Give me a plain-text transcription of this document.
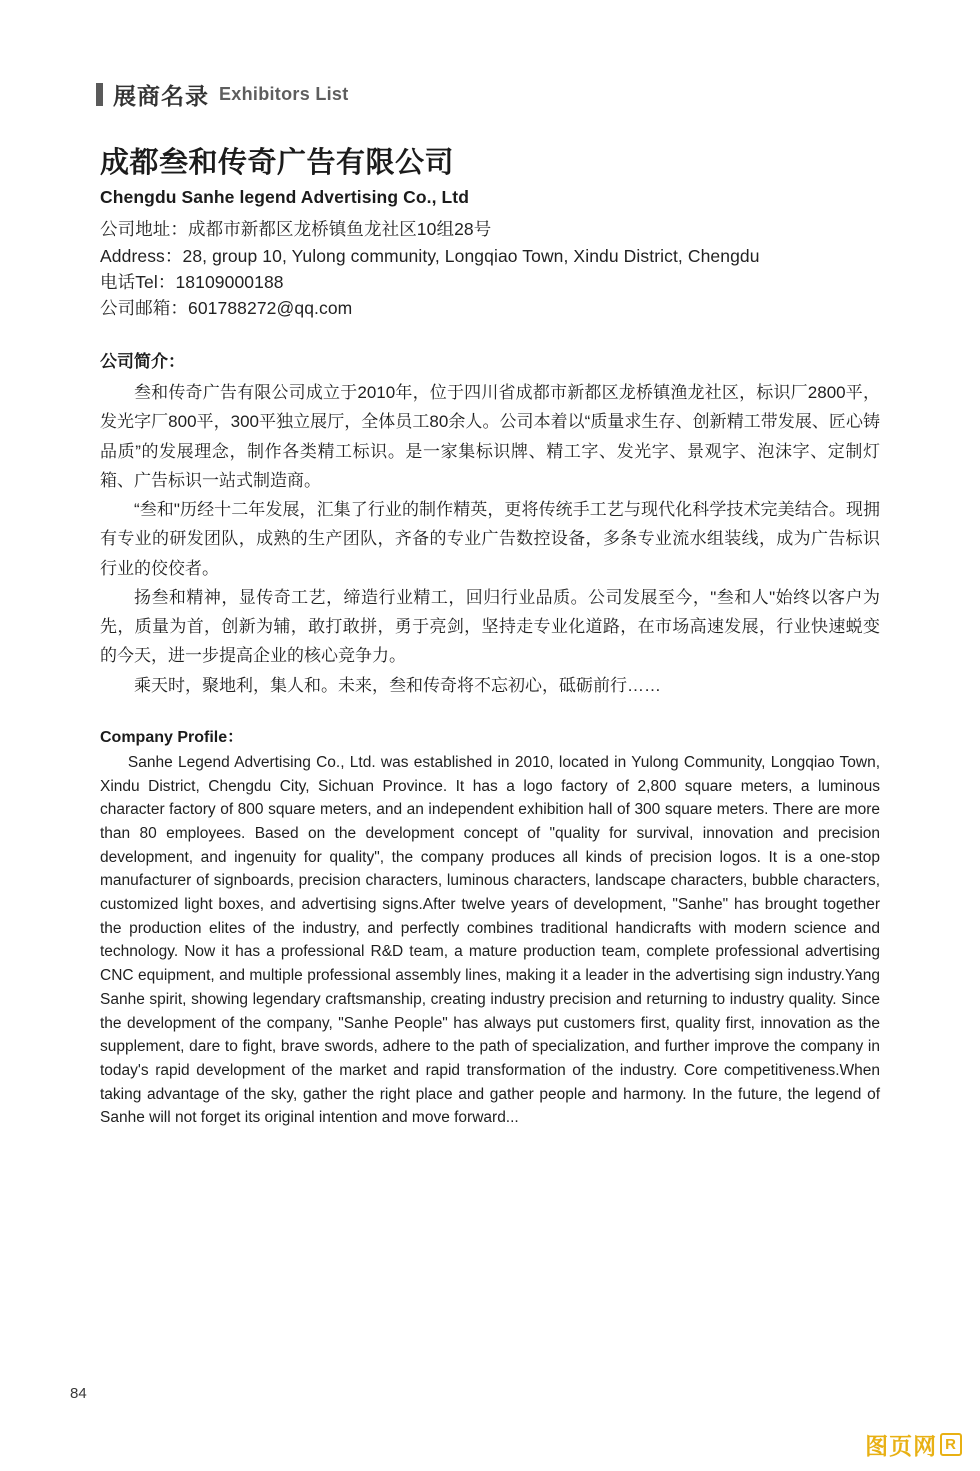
展商名录 Exhibitors List
成都叁和传奇广告有限公司
Chengdu Sanhe legend Advertising Co., Ltd

公司地址：成都市新都区龙桥镇鱼龙社区10组28号

Address：28, group 10, Yulong community, Longqiao Town, Xindu District, Chengdu

电话Tel：18109000188

公司邮箱：601788272@qq.com

公司简介：

叁和传奇广告有限公司成立于2010年，位于四川省成都市新都区龙桥镇渔龙社区，标识厂2800平，发光字厂800平，300平独立展厅，全体员工80余人。公司本着以“质量求生存、创新精工带发展、匠心铸品质”的发展理念，制作各类精工标识。是一家集标识牌、精工字、发光字、景观字、泡沫字、定制灯箱、广告标识一站式制造商。

“叁和"历经十二年发展，汇集了行业的制作精英，更将传统手工艺与现代化科学技术完美结合。现拥有专业的研发团队，成熟的生产团队，齐备的专业广告数控设备，多条专业流水组装线，成为广告标识行业的佼佼者。

扬叁和精神，显传奇工艺，缔造行业精工，回归行业品质。公司发展至今，"叁和人"始终以客户为先，质量为首，创新为辅，敢打敢拼，勇于亮剑，坚持走专业化道路，在市场高速发展，行业快速蜕变的今天，进一步提高企业的核心竞争力。

乘天时，聚地利，集人和。未来，叁和传奇将不忘初心，砥砺前行……

Company Profile：

Sanhe Legend Advertising Co., Ltd. was established in 2010, located in Yulong Community, Longqiao Town, Xindu District, Chengdu City, Sichuan Province. It has a logo factory of 2,800 square meters, a luminous character factory of 800 square meters, and an independent exhibition hall of 300 square meters. There are more than 80 employees. Based on the development concept of "quality for survival, innovation and precision development, and ingenuity for quality", the company produces all kinds of precision logos. It is a one-stop manufacturer of signboards, precision characters, luminous characters, landscape characters, bubble characters, customized light boxes, and advertising signs.After twelve years of development, "Sanhe" has brought together the production elites of the industry, and perfectly combines traditional handicrafts with modern science and technology. Now it has a professional R&D team, a mature production team, complete professional advertising CNC equipment, and multiple professional assembly lines, making it a leader in the advertising sign industry.Yang Sanhe spirit, showing legendary craftsmanship, creating industry precision and returning to industry quality. Since the development of the company, "Sanhe People" has always put customers first, quality first, innovation as the supplement, dare to fight, brave swords, adhere to the path of specialization, and further improve the company in today's rapid development of the market and rapid transformation of the industry. Core competitiveness.When taking advantage of the sky, gather the right place and gather people and harmony. In the future, the legend of Sanhe will not forget its original intention and move forward...

84
图页网 R
